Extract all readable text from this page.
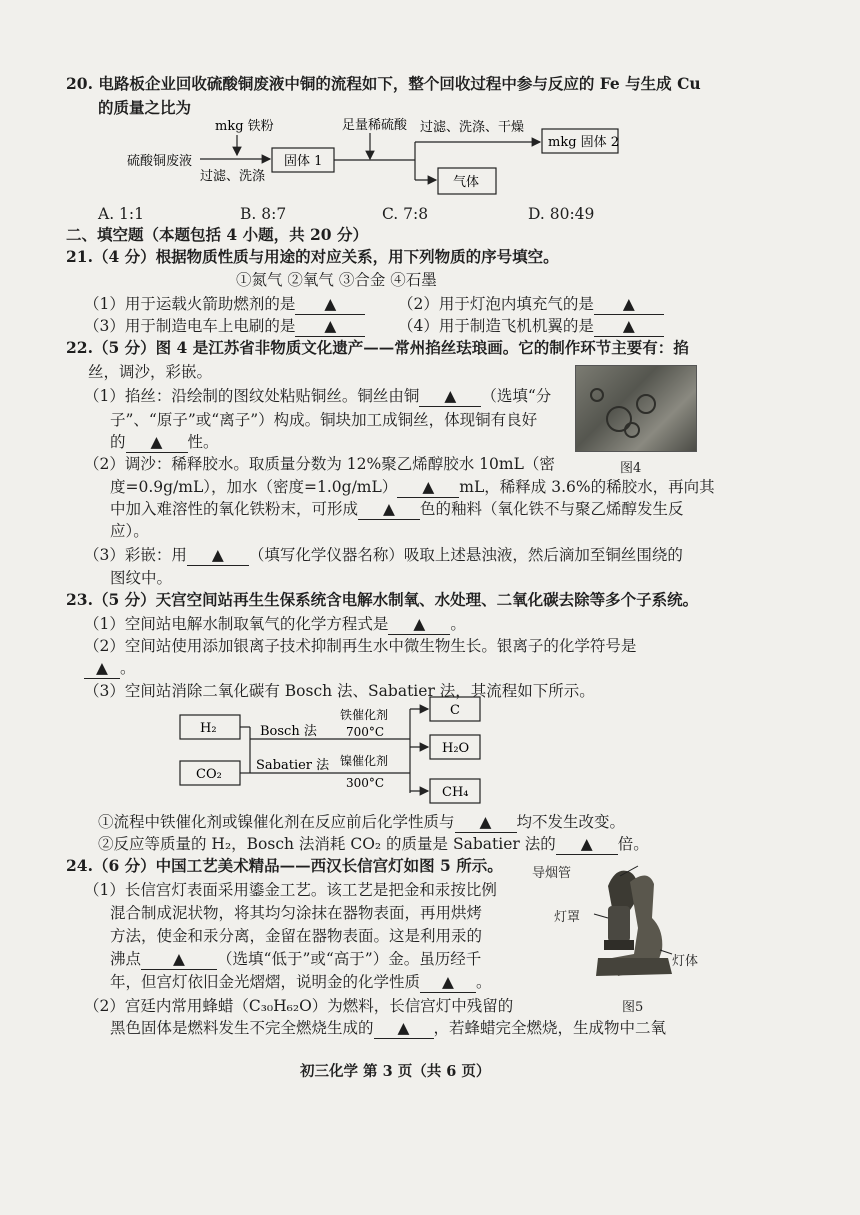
20. 电路板企业回收硫酸铜废液中铜的流程如下，整个回收过程中参与反应的 Fe 与生成 Cu
的质量之比为
mkg 铁粉
硫酸铜废液
过滤、洗涤
固体 1
足量稀硫酸 过滤、洗涤、干燥
mkg 固体 2
气体
A. 1:1	B. 8:7	C. 7:8	D. 80:49
二、填空题（本题包括 4 小题，共 20 分）
21.（4 分）根据物质性质与用途的对应关系，用下列物质的序号填空。
①氮气 ②氧气 ③合金 ④石墨
（1）用于运载火箭助燃剂的是 ▲	（2）用于灯泡内填充气的是 ▲
（3）用于制造电车上电刷的是 ▲	（4）用于制造飞机机翼的是 ▲
22.（5 分）图 4 是江苏省非物质文化遗产——常州掐丝珐琅画。它的制作环节主要有：掐
丝，调沙，彩嵌。
（1）掐丝：沿绘制的图纹处粘贴铜丝。铜丝由铜 ▲ （选填“分
子”、“原子”或“离子”）构成。铜块加工成铜丝，体现铜有良好
的 ▲ 性。
图4
（2）调沙：稀释胶水。取质量分数为 12%聚乙烯醇胶水 10mL（密
度=0.9g/mL），加水（密度=1.0g/mL） ▲ mL，稀释成 3.6%的稀胶水，再向其
中加入难溶性的氧化铁粉末，可形成 ▲ 色的釉料（氧化铁不与聚乙烯醇发生反
应）。
（3）彩嵌：用 ▲ （填写化学仪器名称）吸取上述悬浊液，然后滴加至铜丝围绕的
图纹中。
23.（5 分）天宫空间站再生生保系统含电解水制氧、水处理、二氧化碳去除等多个子系统。
（1）空间站电解水制取氧气的化学方程式是 ▲ 。
（2）空间站使用添加银离子技术抑制再生水中微生物生长。银离子的化学符号是
▲ 。
（3）空间站消除二氧化碳有 Bosch 法、Sabatier 法，其流程如下所示。
H₂
CO₂
Bosch 法
Sabatier 法
铁催化剂
700°C
镍催化剂
300°C
C
H₂O
CH₄
①流程中铁催化剂或镍催化剂在反应前后化学性质与 ▲ 均不发生改变。
②反应等质量的 H₂，Bosch 法消耗 CO₂ 的质量是 Sabatier 法的 ▲ 倍。
24.（6 分）中国工艺美术精品——西汉长信宫灯如图 5 所示。
（1）长信宫灯表面采用鎏金工艺。该工艺是把金和汞按比例
混合制成泥状物，将其均匀涂抹在器物表面，再用烘烤
方法，使金和汞分离，金留在器物表面。这是利用汞的
沸点 ▲ （选填“低于”或“高于”）金。虽历经千
年，但宫灯依旧金光熠熠，说明金的化学性质 ▲ 。
（2）宫廷内常用蜂蜡（C₃₀H₆₂O）为燃料，长信宫灯中残留的
黑色固体是燃料发生不完全燃烧生成的 ▲ ，若蜂蜡完全燃烧，生成物中二氧
导烟管
灯罩
灯体
图5
初三化学 第 3 页（共 6 页）
